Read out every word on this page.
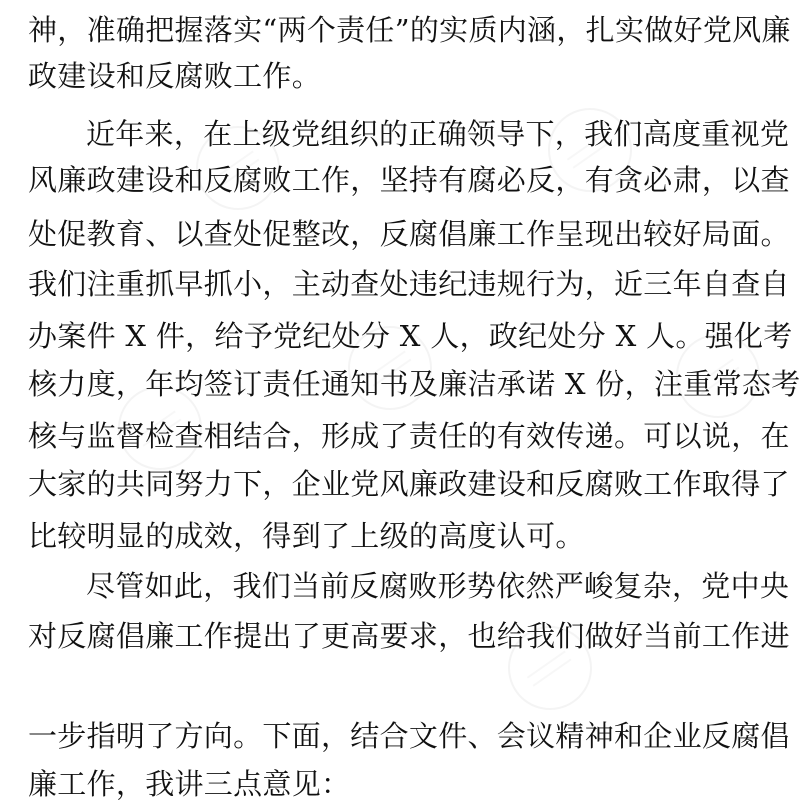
神，准确把握落实“两个责任”的实质内涵，扎实做好党风廉
政建设和反腐败工作。
近年来，在上级党组织的正确领导下，我们高度重视党
风廉政建设和反腐败工作，坚持有腐必反，有贪必肃，以查
处促教育、以查处促整改，反腐倡廉工作呈现出较好局面。
我们注重抓早抓小，主动查处违纪违规行为，近三年自查自
办案件 X 件，给予党纪处分 X 人，政纪处分 X 人。强化考
核力度，年均签订责任通知书及廉洁承诺 X 份，注重常态考
核与监督检查相结合，形成了责任的有效传递。可以说，在
大家的共同努力下，企业党风廉政建设和反腐败工作取得了
比较明显的成效，得到了上级的高度认可。
尽管如此，我们当前反腐败形势依然严峻复杂，党中央
对反腐倡廉工作提出了更高要求，也给我们做好当前工作进
一步指明了方向。下面，结合文件、会议精神和企业反腐倡
廉工作，我讲三点意见：
